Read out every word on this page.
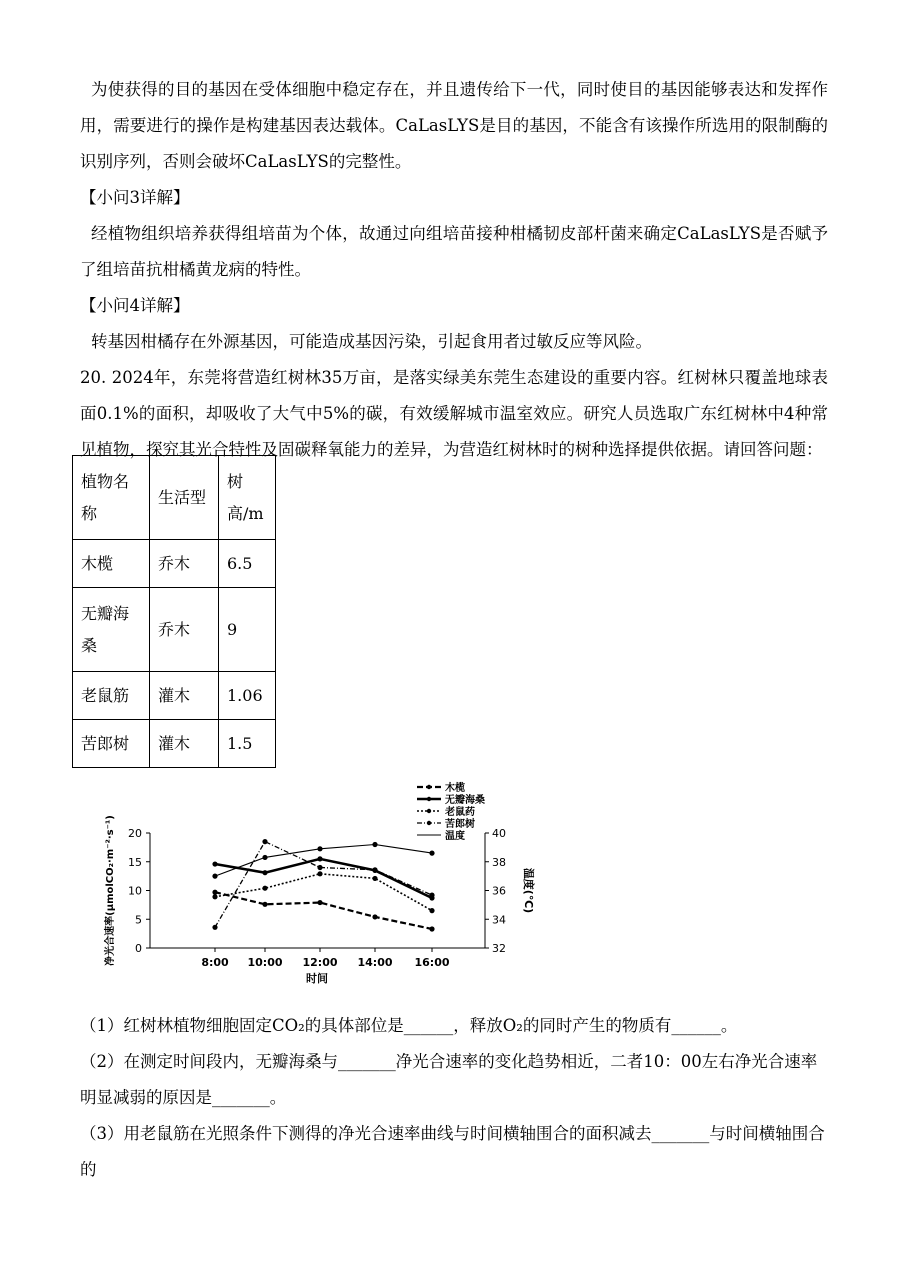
为使获得的目的基因在受体细胞中稳定存在，并且遗传给下一代，同时使目的基因能够表达和发挥作用，需要进行的操作是构建基因表达载体。CaLasLYS是目的基因，不能含有该操作所选用的限制酶的识别序列，否则会破坏CaLasLYS的完整性。

【小问3详解】

经植物组织培养获得组培苗为个体，故通过向组培苗接种柑橘韧皮部杆菌来确定CaLasLYS是否赋予了组培苗抗柑橘黄龙病的特性。

【小问4详解】

转基因柑橘存在外源基因，可能造成基因污染，引起食用者过敏反应等风险。

20. 2024年，东莞将营造红树林35万亩，是落实绿美东莞生态建设的重要内容。红树林只覆盖地球表面0.1%的面积，却吸收了大气中5%的碳，有效缓解城市温室效应。研究人员选取广东红树林中4种常见植物，探究其光合特性及固碳释氧能力的差异，为营造红树林时的树种选择提供依据。请回答问题：

植物名称	生活型	树高/m
木榄	乔木	6.5
无瓣海桑	乔木	9
老鼠筋	灌木	1.06
苦郎树	灌木	1.5
0
5
10
15
20
32
34
36
38
40
8:00 10:00 12:00 14:00 16:00
时间
净光合速率(μmolCO₂·m⁻²·s⁻¹)	温度(℃)
木榄
无瓣海桑
老鼠药
苦郎树
温度

（1）红树林植物细胞固定CO₂的具体部位是______，释放O₂的同时产生的物质有______。

（2）在测定时间段内，无瓣海桑与_______净光合速率的变化趋势相近，二者10：00左右净光合速率明显减弱的原因是_______。

（3）用老鼠筋在光照条件下测得的净光合速率曲线与时间横轴围合的面积减去_______与时间横轴围合的
